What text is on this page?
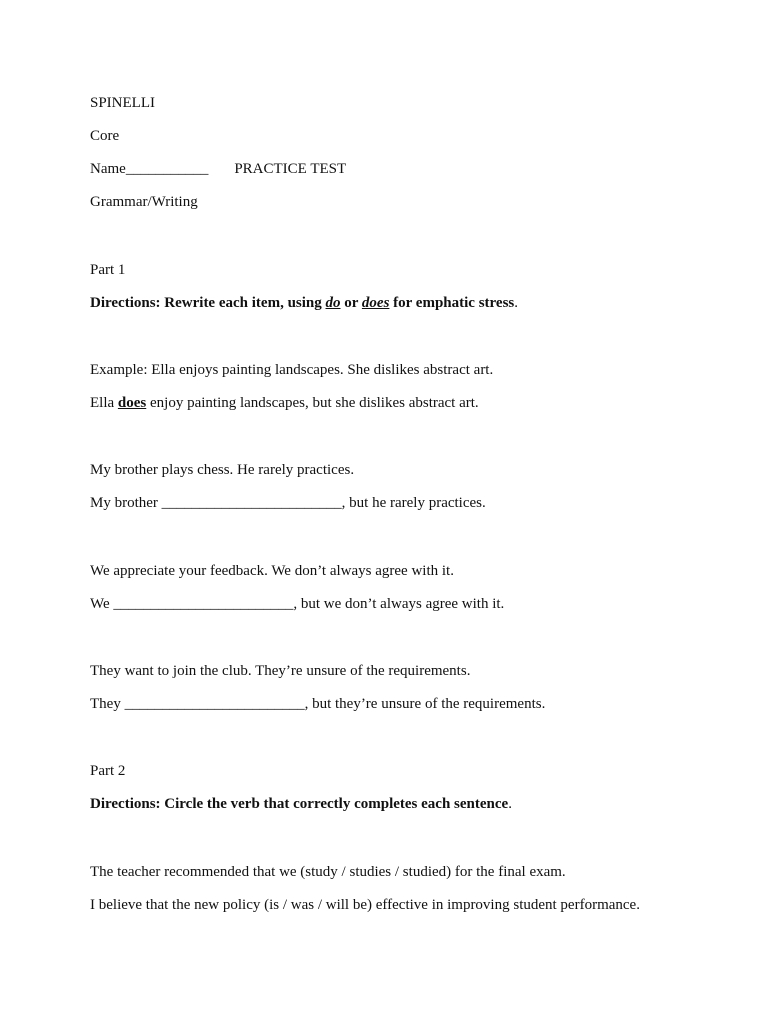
SPINELLI
Core
Name___________ PRACTICE TEST
Grammar/Writing
Part 1
Directions: Rewrite each item, using do or does for emphatic stress.
Example: Ella enjoys painting landscapes. She dislikes abstract art.
Ella does enjoy painting landscapes, but she dislikes abstract art.
My brother plays chess. He rarely practices.
My brother ________________________, but he rarely practices.
We appreciate your feedback. We don’t always agree with it.
We ________________________, but we don’t always agree with it.
They want to join the club. They’re unsure of the requirements.
They ________________________, but they’re unsure of the requirements.
Part 2
Directions: Circle the verb that correctly completes each sentence.
The teacher recommended that we (study / studies / studied) for the final exam.
I believe that the new policy (is / was / will be) effective in improving student performance.
